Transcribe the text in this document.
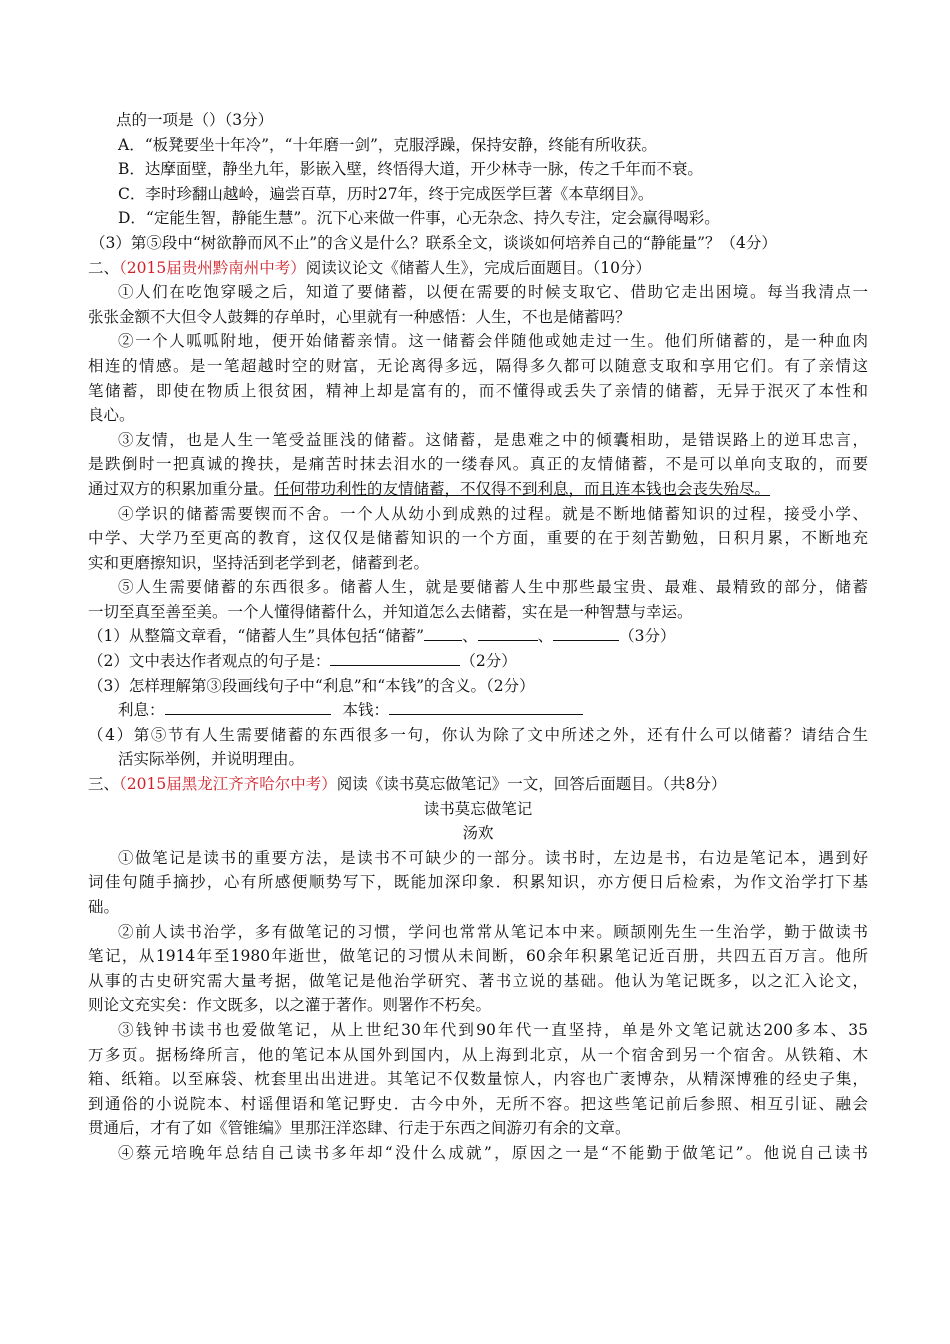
点的一项是（）（3分）
A．“板凳要坐十年冷”，“十年磨一剑”，克服浮躁，保持安静，终能有所收获。
B．达摩面壁，静坐九年，影嵌入壁，终悟得大道，开少林寺一脉，传之千年而不衰。
C．李时珍翻山越岭，遍尝百草，历时27年，终于完成医学巨著《本草纲目》。
D．“定能生智，静能生慧”。沉下心来做一件事，心无杂念、持久专注，定会赢得喝彩。
（3）第⑤段中“树欲静而风不止”的含义是什么？联系全文，谈谈如何培养自己的“静能量”？（4分）
二、（2015届贵州黔南州中考）阅读议论文《储蓄人生》，完成后面题目。（10分）
①人们在吃饱穿暖之后，知道了要储蓄，以便在需要的时候支取它、借助它走出困境。每当我清点一
张张金额不大但令人鼓舞的存单时，心里就有一种感悟：人生，不也是储蓄吗？
②一个人呱呱附地，便开始储蓄亲情。这一储蓄会伴随他或她走过一生。他们所储蓄的，是一种血肉
相连的情感。是一笔超越时空的财富，无论离得多远，隔得多久都可以随意支取和享用它们。有了亲情这
笔储蓄，即使在物质上很贫困，精神上却是富有的，而不懂得或丢失了亲情的储蓄，无异于泯灭了本性和
良心。
③友情，也是人生一笔受益匪浅的储蓄。这储蓄，是患难之中的倾囊相助，是错误路上的逆耳忠言，
是跌倒时一把真诚的搀扶，是痛苦时抹去泪水的一缕春风。真正的友情储蓄，不是可以单向支取的，而要
通过双方的积累加重分量。任何带功利性的友情储蓄，不仅得不到利息，而且连本钱也会丧失殆尽。
④学识的储蓄需要锲而不舍。一个人从幼小到成熟的过程。就是不断地储蓄知识的过程，接受小学、
中学、大学乃至更高的教育，这仅仅是储蓄知识的一个方面，重要的在于刻苦勤勉，日积月累，不断地充
实和更磨擦知识，坚持活到老学到老，储蓄到老。
⑤人生需要储蓄的东西很多。储蓄人生，就是要储蓄人生中那些最宝贵、最难、最精致的部分，储蓄
一切至真至善至美。一个人懂得储蓄什么，并知道怎么去储蓄，实在是一种智慧与幸运。
（1）从整篇文章看，“储蓄人生”具体包括“储蓄” 、	、	（3分）
（2）文中表达作者观点的句子是：	（2分）
（3）怎样理解第③段画线句子中“利息”和“本钱”的含义。（2分）
利息：	本钱：
（4）第⑤节有人生需要储蓄的东西很多一句，你认为除了文中所述之外，还有什么可以储蓄？请结合生
活实际举例，并说明理由。
三、（2015届黑龙江齐齐哈尔中考）阅读《读书莫忘做笔记》一文，回答后面题目。（共8分）
读书莫忘做笔记
汤欢
①做笔记是读书的重要方法，是读书不可缺少的一部分。读书时，左边是书，右边是笔记本，遇到好
词佳句随手摘抄，心有所感便顺势写下，既能加深印象．积累知识，亦方便日后检索，为作文治学打下基
础。
②前人读书治学，多有做笔记的习惯，学问也常常从笔记本中来。顾颉刚先生一生治学，勤于做读书
笔记，从1914年至1980年逝世，做笔记的习惯从未间断，60余年积累笔记近百册，共四五百万言。他所
从事的古史研究需大量考据，做笔记是他治学研究、著书立说的基础。他认为笔记既多，以之汇入论文，
则论文充实矣：作文既多，以之灌于著作。则署作不朽矣。
③钱钟书读书也爱做笔记，从上世纪30年代到90年代一直坚持，单是外文笔记就达200多本、35
万多页。据杨绛所言，他的笔记本从国外到国内，从上海到北京，从一个宿舍到另一个宿舍。从铁箱、木
箱、纸箱。以至麻袋、枕套里出出进进。其笔记不仅数量惊人，内容也广袤博杂，从精深博雅的经史子集，
到通俗的小说院本、村谣俚语和笔记野史．古今中外，无所不容。把这些笔记前后参照、相互引证、融会
贯通后，才有了如《管锥编》里那汪洋恣肆、行走于东西之间游刃有余的文章。
④蔡元培晚年总结自己读书多年却“没什么成就”，原因之一是“不能勤于做笔记”。他说自己读书
